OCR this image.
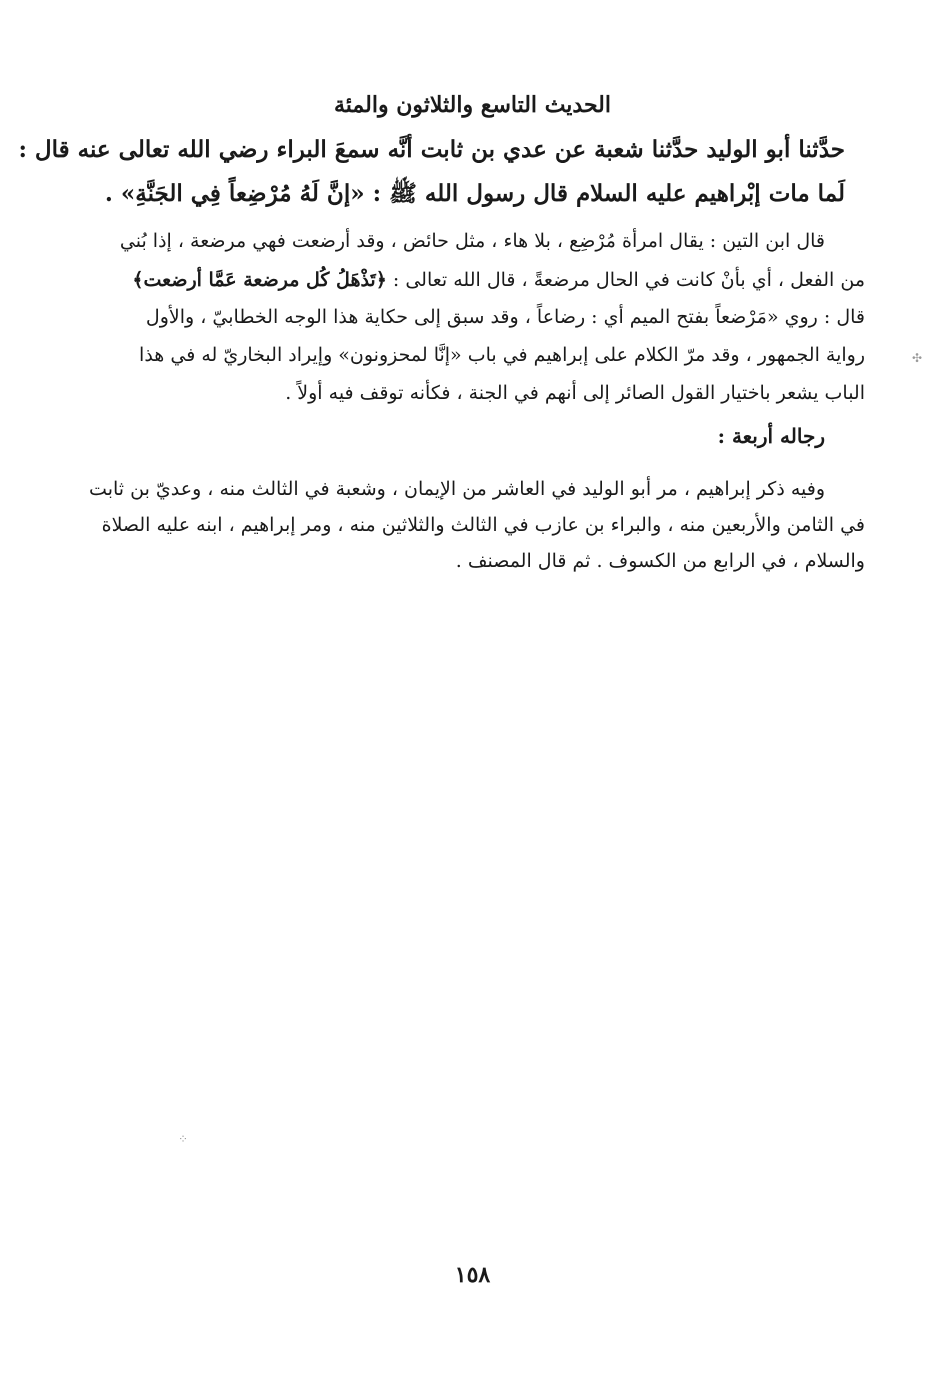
الحديث التاسع والثلاثون والمئة
حدَّثنا أبو الوليد حدَّثنا شعبة عن عدي بن ثابت أنَّه سمعَ البراء رضي الله تعالى عنه قال :
لَما مات إبْراهيم عليه السلام قال رسول الله ﷺ : «إنَّ لَهُ مُرْضِعاً فِي الجَنَّةِ» .
قال ابن التين : يقال امرأة مُرْضِع ، بلا هاء ، مثل حائض ، وقد أرضعت فهي مرضعة ، إذا بُني
من الفعل ، أي بأنْ كانت في الحال مرضعةً ، قال الله تعالى : ﴿تَذْهَلُ كُل مرضعة عَمَّا أرضعت﴾
قال : روي «مَرْضعاً بفتح الميم أي : رضاعاً ، وقد سبق إلى حكاية هذا الوجه الخطابيّ ، والأول
رواية الجمهور ، وقد مرّ الكلام على إبراهيم في باب «إنَّا لمحزونون» وإيراد البخاريّ له في هذا
الباب يشعر باختيار القول الصائر إلى أنهم في الجنة ، فكأنه توقف فيه أولاً .
رجاله أربعة :
وفيه ذكر إبراهيم ، مر أبو الوليد في العاشر من الإيمان ، وشعبة في الثالث منه ، وعديّ بن ثابت
في الثامن والأربعين منه ، والبراء بن عازب في الثالث والثلاثين منه ، ومر إبراهيم ، ابنه عليه الصلاة
والسلام ، في الرابع من الكسوف . ثم قال المصنف .
١٥٨
✣
⁘
